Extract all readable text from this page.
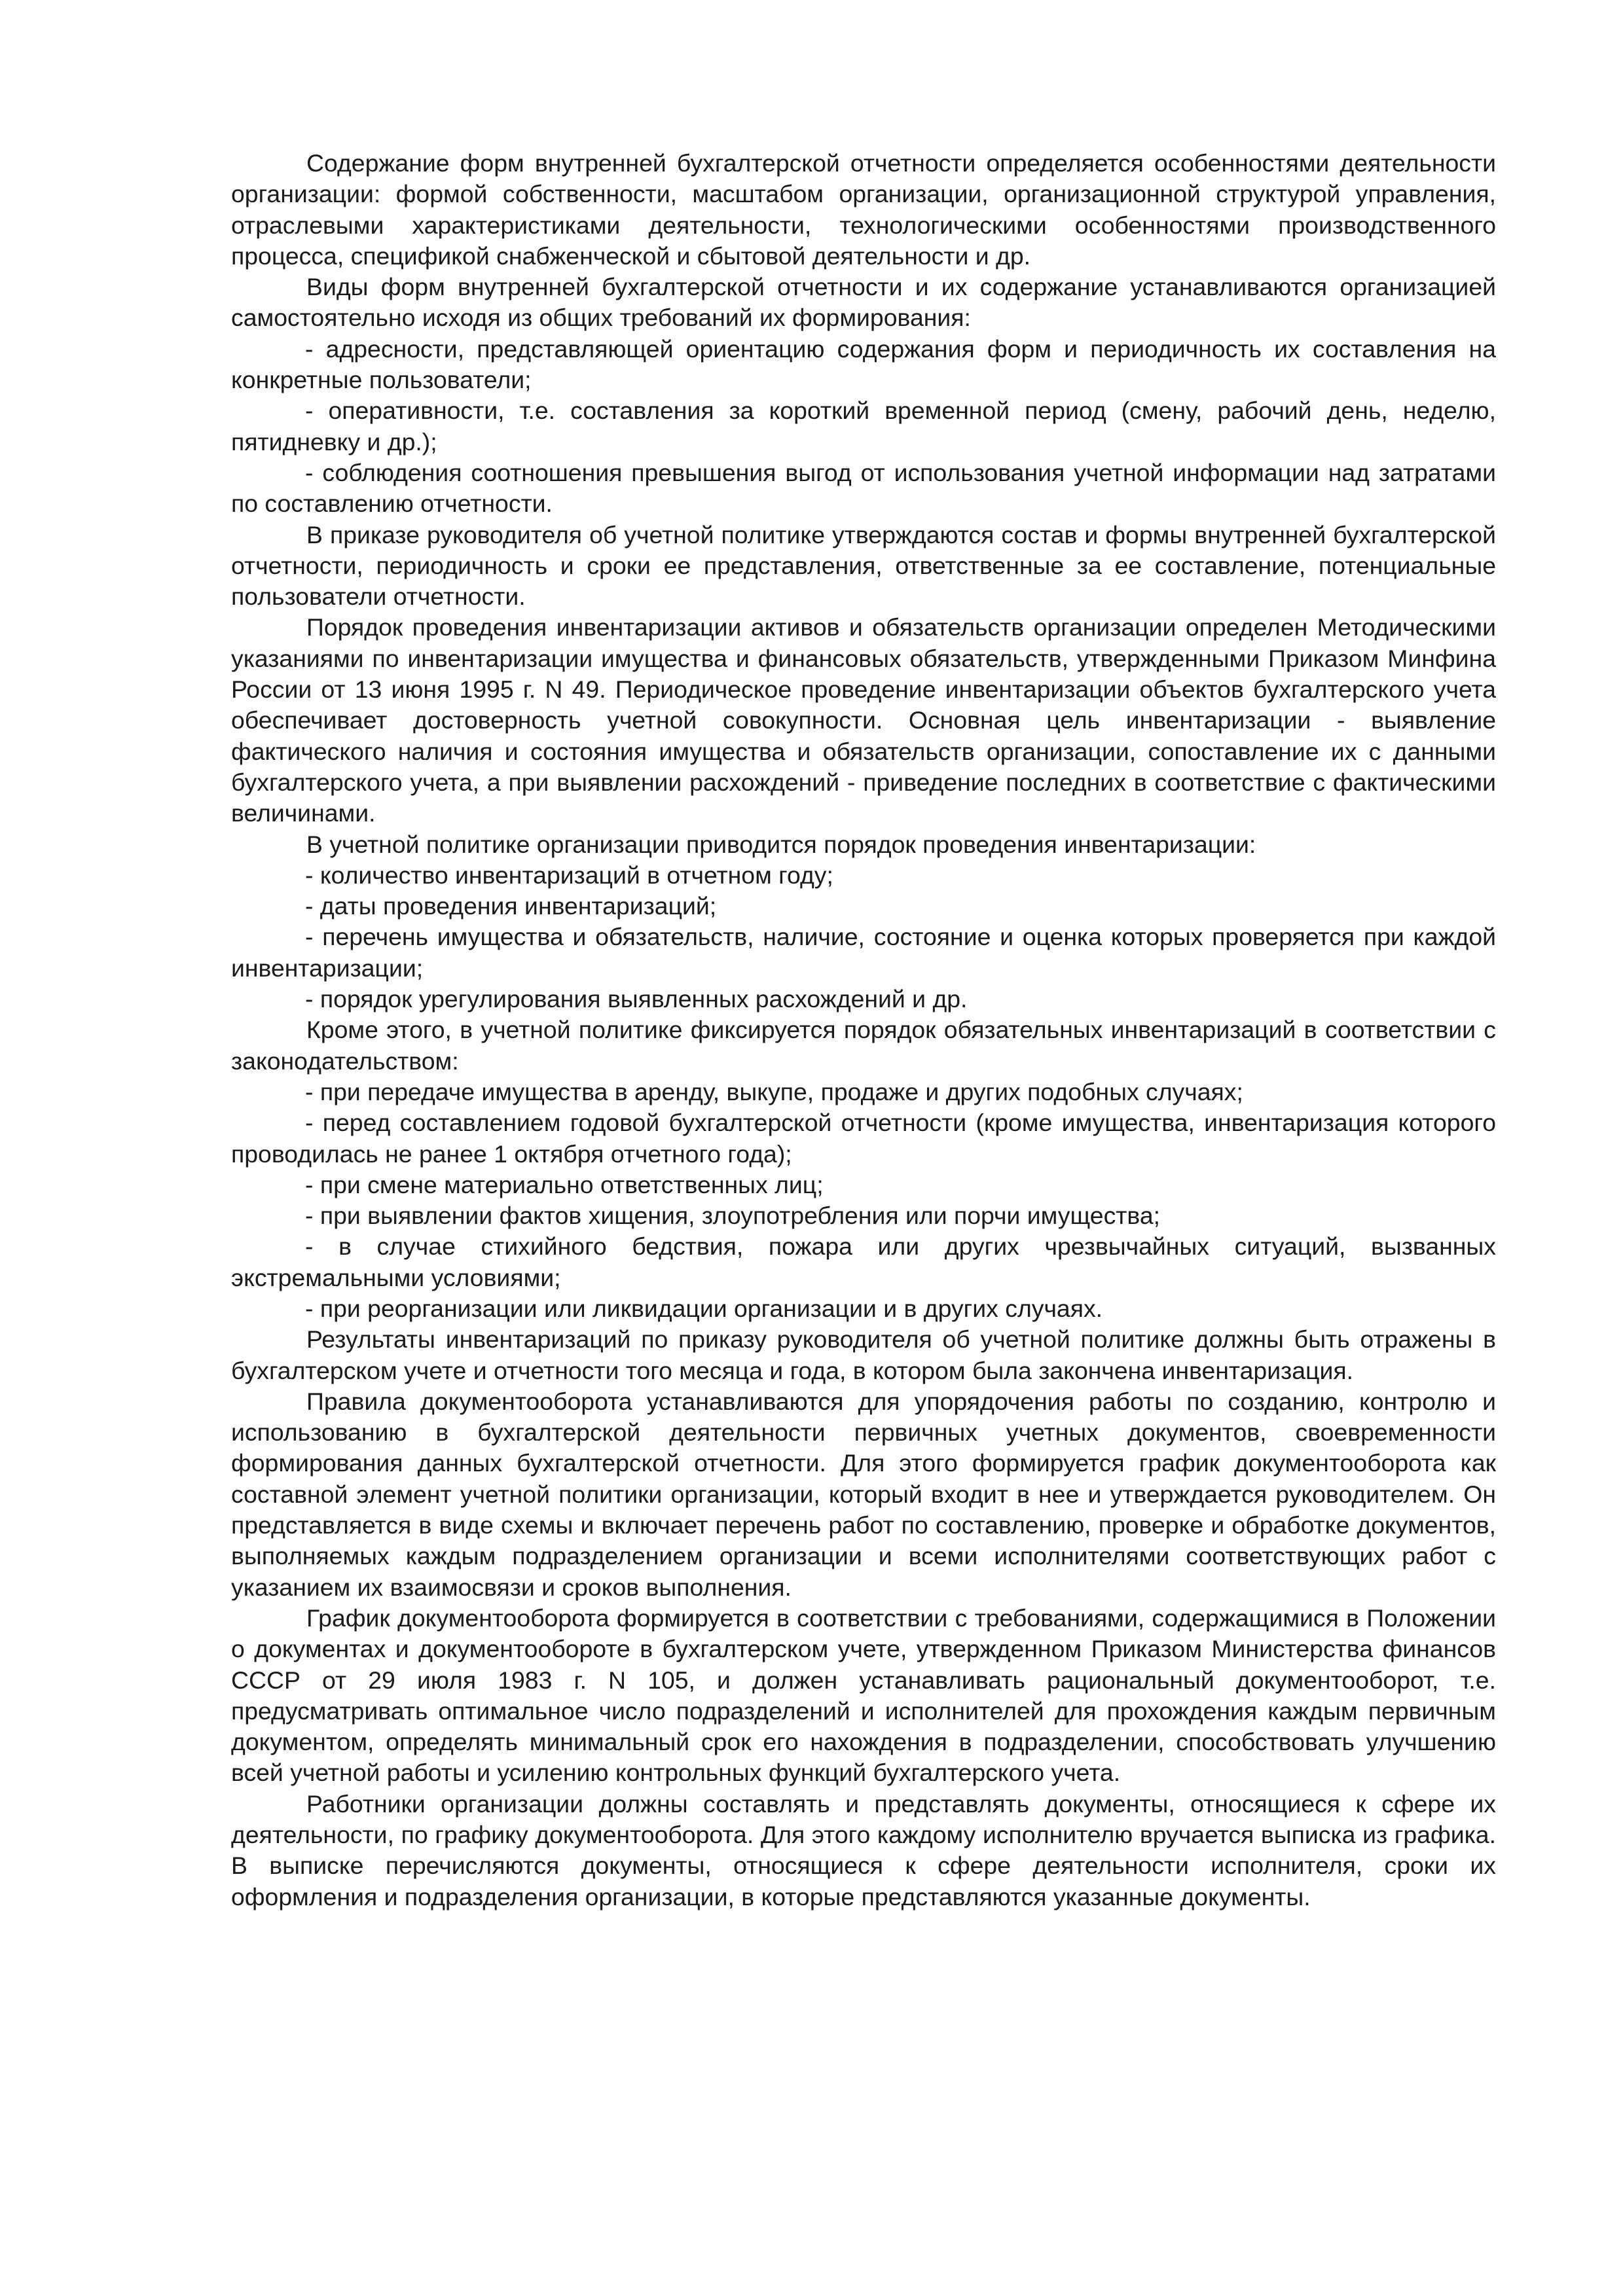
Содержание форм внутренней бухгалтерской отчетности определяется особенностями деятельности организации: формой собственности, масштабом организации, организационной структурой управления, отраслевыми характеристиками деятельности, технологическими особенностями производственного процесса, спецификой снабженческой и сбытовой деятельности и др.

Виды форм внутренней бухгалтерской отчетности и их содержание устанавливаются организацией самостоятельно исходя из общих требований их формирования:

- адресности, представляющей ориентацию содержания форм и периодичность их составления на конкретные пользователи;

- оперативности, т.е. составления за короткий временной период (смену, рабочий день, неделю, пятидневку и др.);

- соблюдения соотношения превышения выгод от использования учетной информации над затратами по составлению отчетности.

В приказе руководителя об учетной политике утверждаются состав и формы внутренней бухгалтерской отчетности, периодичность и сроки ее представления, ответственные за ее составление, потенциальные пользователи отчетности.

Порядок проведения инвентаризации активов и обязательств организации определен Методическими указаниями по инвентаризации имущества и финансовых обязательств, утвержденными Приказом Минфина России от 13 июня 1995 г. N 49. Периодическое проведение инвентаризации объектов бухгалтерского учета обеспечивает достоверность учетной совокупности. Основная цель инвентаризации - выявление фактического наличия и состояния имущества и обязательств организации, сопоставление их с данными бухгалтерского учета, а при выявлении расхождений - приведение последних в соответствие с фактическими величинами.

В учетной политике организации приводится порядок проведения инвентаризации:

- количество инвентаризаций в отчетном году;

- даты проведения инвентаризаций;

- перечень имущества и обязательств, наличие, состояние и оценка которых проверяется при каждой инвентаризации;

- порядок урегулирования выявленных расхождений и др.

Кроме этого, в учетной политике фиксируется порядок обязательных инвентаризаций в соответствии с законодательством:

- при передаче имущества в аренду, выкупе, продаже и других подобных случаях;

- перед составлением годовой бухгалтерской отчетности (кроме имущества, инвентаризация которого проводилась не ранее 1 октября отчетного года);

- при смене материально ответственных лиц;

- при выявлении фактов хищения, злоупотребления или порчи имущества;

- в случае стихийного бедствия, пожара или других чрезвычайных ситуаций, вызванных экстремальными условиями;

- при реорганизации или ликвидации организации и в других случаях.

Результаты инвентаризаций по приказу руководителя об учетной политике должны быть отражены в бухгалтерском учете и отчетности того месяца и года, в котором была закончена инвентаризация.

Правила документооборота устанавливаются для упорядочения работы по созданию, контролю и использованию в бухгалтерской деятельности первичных учетных документов, своевременности формирования данных бухгалтерской отчетности. Для этого формируется график документооборота как составной элемент учетной политики организации, который входит в нее и утверждается руководителем. Он представляется в виде схемы и включает перечень работ по составлению, проверке и обработке документов, выполняемых каждым подразделением организации и всеми исполнителями соответствующих работ с указанием их взаимосвязи и сроков выполнения.

График документооборота формируется в соответствии с требованиями, содержащимися в Положении о документах и документообороте в бухгалтерском учете, утвержденном Приказом Министерства финансов СССР от 29 июля 1983 г. N 105, и должен устанавливать рациональный документооборот, т.е. предусматривать оптимальное число подразделений и исполнителей для прохождения каждым первичным документом, определять минимальный срок его нахождения в подразделении, способствовать улучшению всей учетной работы и усилению контрольных функций бухгалтерского учета.

Работники организации должны составлять и представлять документы, относящиеся к сфере их деятельности, по графику документооборота. Для этого каждому исполнителю вручается выписка из графика. В выписке перечисляются документы, относящиеся к сфере деятельности исполнителя, сроки их оформления и подразделения организации, в которые представляются указанные документы.
